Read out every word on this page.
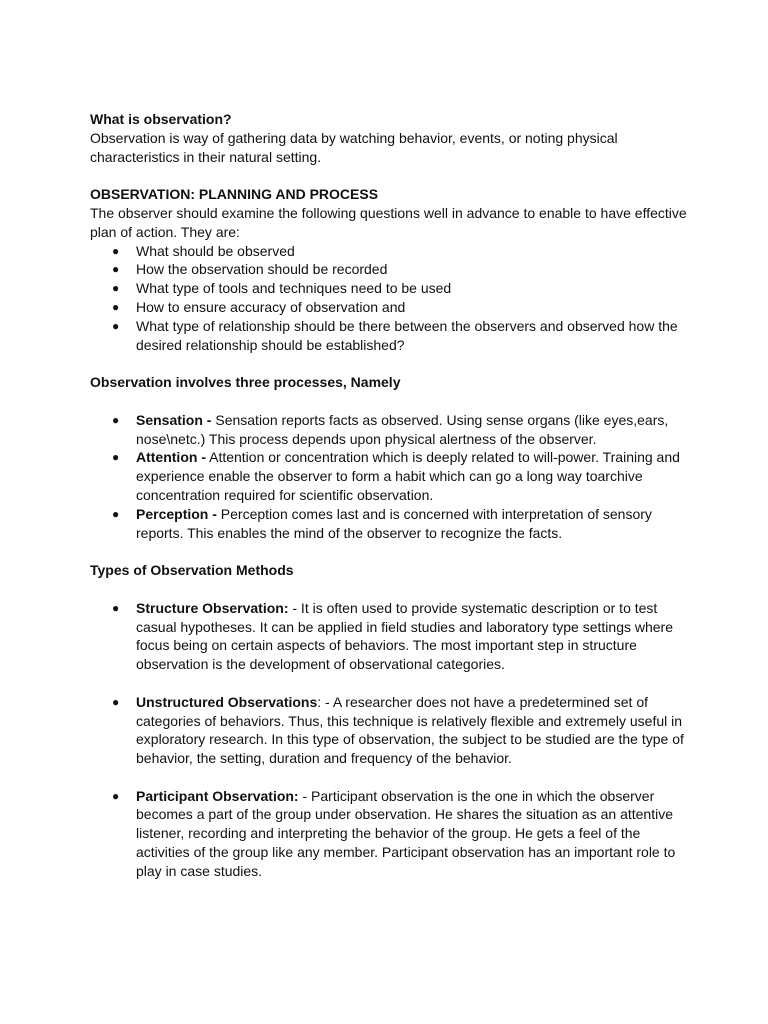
What is observation?

Observation is way of gathering data by watching behavior, events, or noting physical characteristics in their natural setting.

OBSERVATION: PLANNING AND PROCESS

The observer should examine the following questions well in advance to enable to have effective plan of action. They are:

● What should be observed
● How the observation should be recorded
● What type of tools and techniques need to be used
● How to ensure accuracy of observation and
● What type of relationship should be there between the observers and observed how the desired relationship should be established?

Observation involves three processes, Namely

● Sensation - Sensation reports facts as observed. Using sense organs (like eyes,ears, nose\netc.) This process depends upon physical alertness of the observer.
● Attention - Attention or concentration which is deeply related to will-power. Training and experience enable the observer to form a habit which can go a long way toarchive concentration required for scientific observation.
● Perception - Perception comes last and is concerned with interpretation of sensory reports. This enables the mind of the observer to recognize the facts.

Types of Observation Methods

● Structure Observation: - It is often used to provide systematic description or to test casual hypotheses. It can be applied in field studies and laboratory type settings where focus being on certain aspects of behaviors. The most important step in structure observation is the development of observational categories.
● Unstructured Observations: - A researcher does not have a predetermined set of categories of behaviors. Thus, this technique is relatively flexible and extremely useful in exploratory research. In this type of observation, the subject to be studied are the type of behavior, the setting, duration and frequency of the behavior.
● Participant Observation: - Participant observation is the one in which the observer becomes a part of the group under observation. He shares the situation as an attentive listener, recording and interpreting the behavior of the group. He gets a feel of the activities of the group like any member. Participant observation has an important role to play in case studies.
